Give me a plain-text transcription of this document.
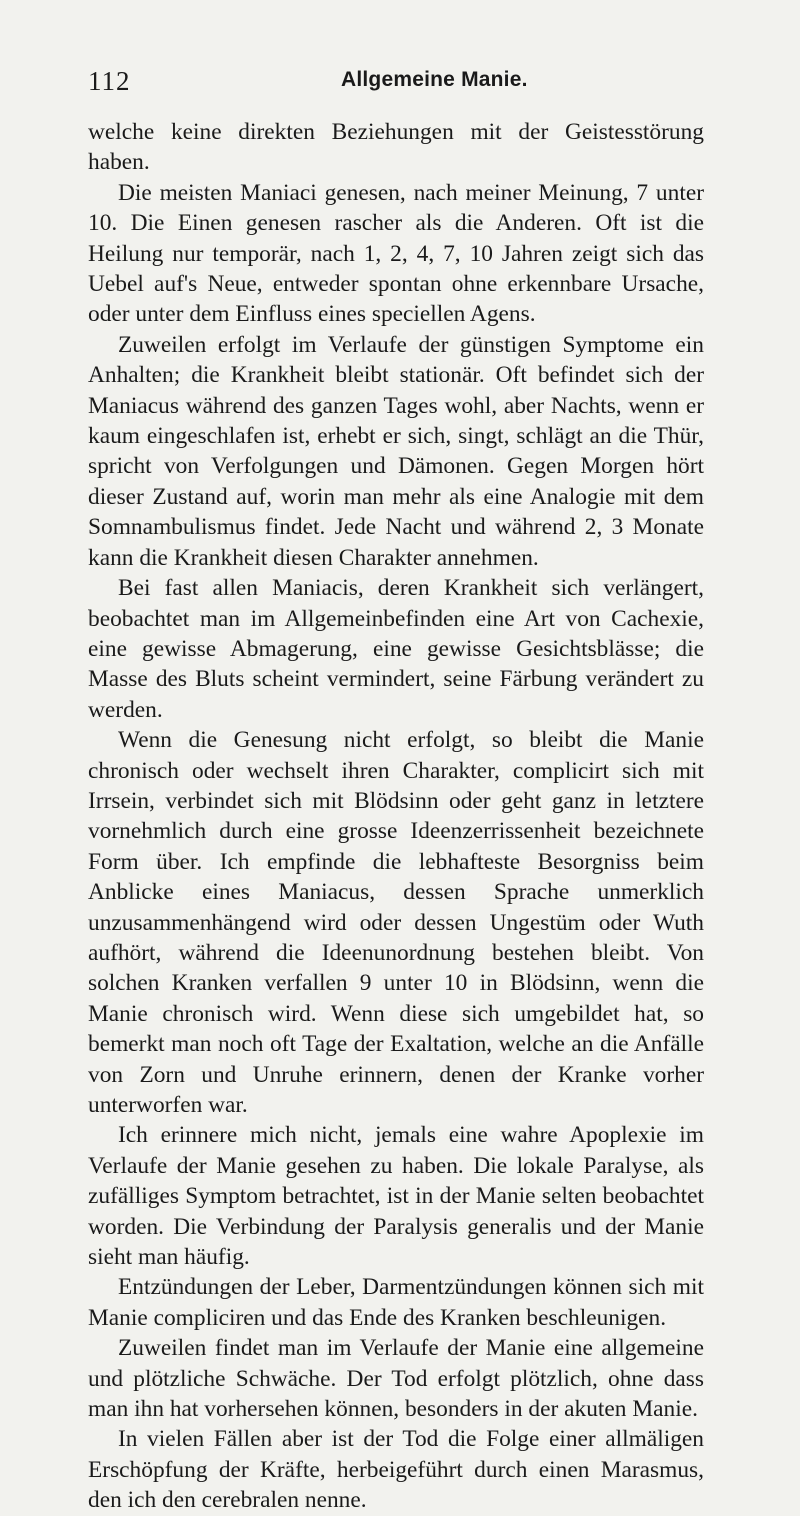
112	Allgemeine Manie.

welche keine direkten Beziehungen mit der Geistesstörung haben.

Die meisten Maniaci genesen, nach meiner Meinung, 7 unter 10. Die Einen genesen rascher als die Anderen. Oft ist die Heilung nur temporär, nach 1, 2, 4, 7, 10 Jahren zeigt sich das Uebel auf's Neue, entweder spontan ohne erkennbare Ursache, oder unter dem Einfluss eines speciellen Agens.

Zuweilen erfolgt im Verlaufe der günstigen Symptome ein Anhalten; die Krankheit bleibt stationär. Oft befindet sich der Maniacus während des ganzen Tages wohl, aber Nachts, wenn er kaum eingeschlafen ist, erhebt er sich, singt, schlägt an die Thür, spricht von Verfolgungen und Dämonen. Gegen Morgen hört dieser Zustand auf, worin man mehr als eine Analogie mit dem Somnambulismus findet. Jede Nacht und während 2, 3 Monate kann die Krankheit diesen Charakter annehmen.

Bei fast allen Maniacis, deren Krankheit sich verlängert, beobachtet man im Allgemeinbefinden eine Art von Cachexie, eine gewisse Abmagerung, eine gewisse Gesichtsblässe; die Masse des Bluts scheint vermindert, seine Färbung verändert zu werden.

Wenn die Genesung nicht erfolgt, so bleibt die Manie chronisch oder wechselt ihren Charakter, complicirt sich mit Irrsein, verbindet sich mit Blödsinn oder geht ganz in letztere vornehmlich durch eine grosse Ideenzerrissenheit bezeichnete Form über. Ich empfinde die lebhafteste Besorgniss beim Anblicke eines Maniacus, dessen Sprache unmerklich unzusammenhängend wird oder dessen Ungestüm oder Wuth aufhört, während die Ideenunordnung bestehen bleibt. Von solchen Kranken verfallen 9 unter 10 in Blödsinn, wenn die Manie chronisch wird. Wenn diese sich umgebildet hat, so bemerkt man noch oft Tage der Exaltation, welche an die Anfälle von Zorn und Unruhe erinnern, denen der Kranke vorher unterworfen war.

Ich erinnere mich nicht, jemals eine wahre Apoplexie im Verlaufe der Manie gesehen zu haben. Die lokale Paralyse, als zufälliges Symptom betrachtet, ist in der Manie selten beobachtet worden. Die Verbindung der Paralysis generalis und der Manie sieht man häufig.

Entzündungen der Leber, Darmentzündungen können sich mit Manie compliciren und das Ende des Kranken beschleunigen.

Zuweilen findet man im Verlaufe der Manie eine allgemeine und plötzliche Schwäche. Der Tod erfolgt plötzlich, ohne dass man ihn hat vorhersehen können, besonders in der akuten Manie.

In vielen Fällen aber ist der Tod die Folge einer allmäligen Erschöpfung der Kräfte, herbeigeführt durch einen Marasmus, den ich den cerebralen nenne.
